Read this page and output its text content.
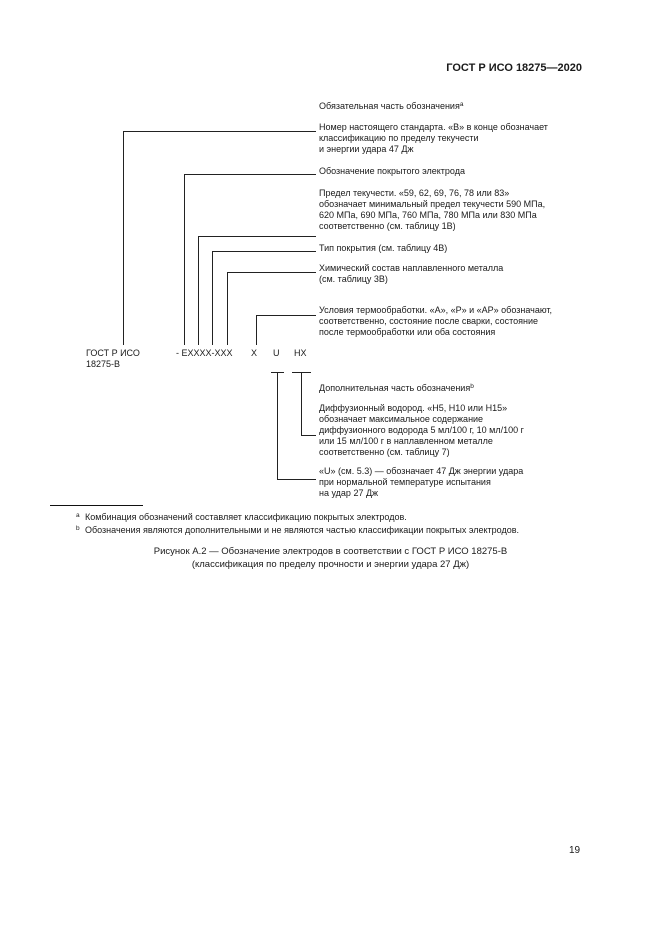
ГОСТ Р ИСО 18275—2020
ГОСТ Р ИСО
18275-B
- EXXXX-XXX X U HX
Обязательная часть обозначения$^a$
Номер настоящего стандарта. «B» в конце обозначает
классификацию по пределу текучести
и энергии удара 47 Дж
Обозначение покрытого электрода
Предел текучести. «59, 62, 69, 76, 78 или 83»
обозначает минимальный предел текучести 590 МПа,
620 МПа, 690 МПа, 760 МПа, 780 МПа или 830 МПа
соответственно (см. таблицу 1B)
Тип покрытия (см. таблицу 4B)
Химический состав наплавленного металла
(см. таблицу 3B)
Условия термообработки. «A», «P» и «AP» обозначают,
соответственно, состояние после сварки, состояние
после термообработки или оба состояния
Дополнительная часть обозначения$^b$
Диффузионный водород. «H5, H10 или H15»
обозначает максимальное содержание
диффузионного водорода 5 мл/100 г, 10 мл/100 г
или 15 мл/100 г в наплавленном металле
соответственно (см. таблицу 7)
«U» (см. 5.3) — обозначает 47 Дж энергии удара
при нормальной температуре испытания
на удар 27 Дж
a Комбинация обозначений составляет классификацию покрытых электродов.
b Обозначения являются дополнительными и не являются частью классификации покрытых электродов.
Рисунок A.2 — Обозначение электродов в соответствии с ГОСТ Р ИСО 18275-B
(классификация по пределу прочности и энергии удара 27 Дж)
19
